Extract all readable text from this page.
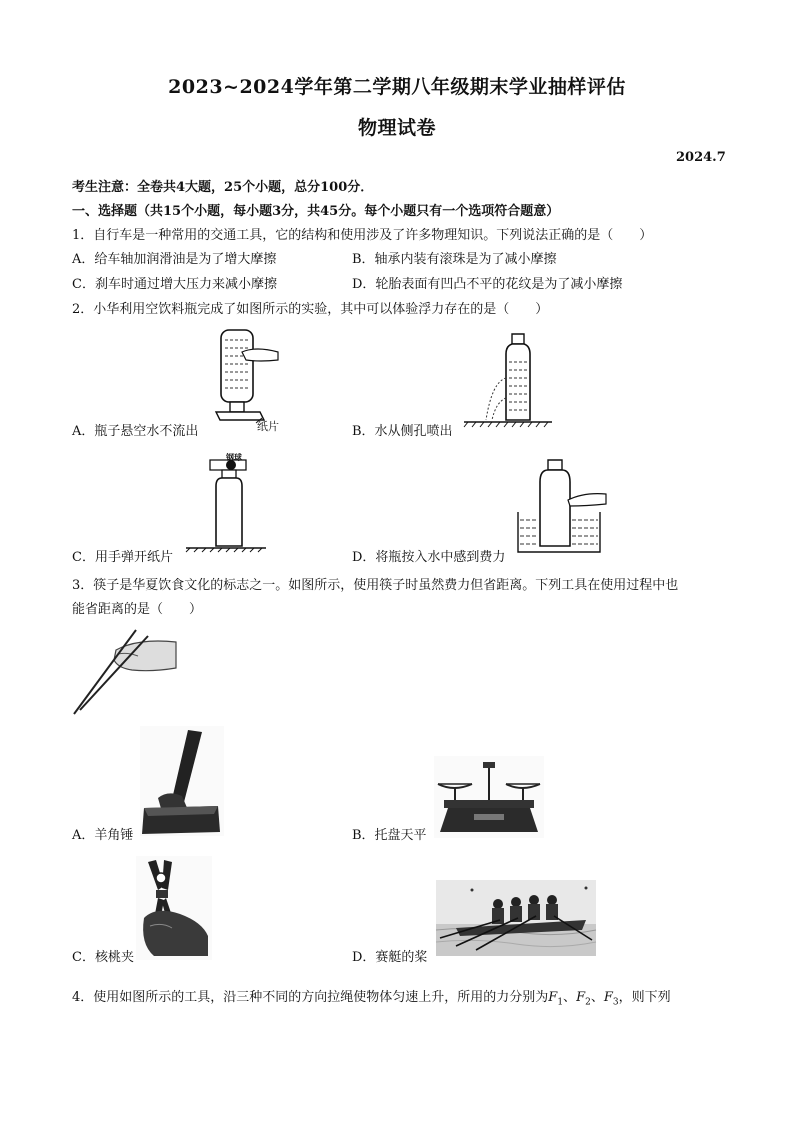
2023~2024学年第二学期八年级期末学业抽样评估
物理试卷
2024.7
考生注意：全卷共4大题，25个小题，总分100分．
一、选择题（共15个小题，每小题3分，共45分。每个小题只有一个选项符合题意）
1．自行车是一种常用的交通工具，它的结构和使用涉及了许多物理知识。下列说法正确的是（　　）
A．给车轴加润滑油是为了增大摩擦	B．轴承内装有滚珠是为了减小摩擦
C．刹车时通过增大压力来减小摩擦	D．轮胎表面有凹凸不平的花纹是为了减小摩擦
2．小华利用空饮料瓶完成了如图所示的实验，其中可以体验浮力存在的是（　　）
纸片
A．瓶子悬空水不流出	B．水从侧孔喷出
钢球
C．用手弹开纸片	D．将瓶按入水中感到费力
3．筷子是华夏饮食文化的标志之一。如图所示，使用筷子时虽然费力但省距离。下列工具在使用过程中也
能省距离的是（　　）
A．羊角锤	B．托盘天平
C．核桃夹	D．赛艇的桨
4．使用如图所示的工具，沿三种不同的方向拉绳使物体匀速上升，所用的力分别为$F_1$、$F_2$、$F_3$，则下列
